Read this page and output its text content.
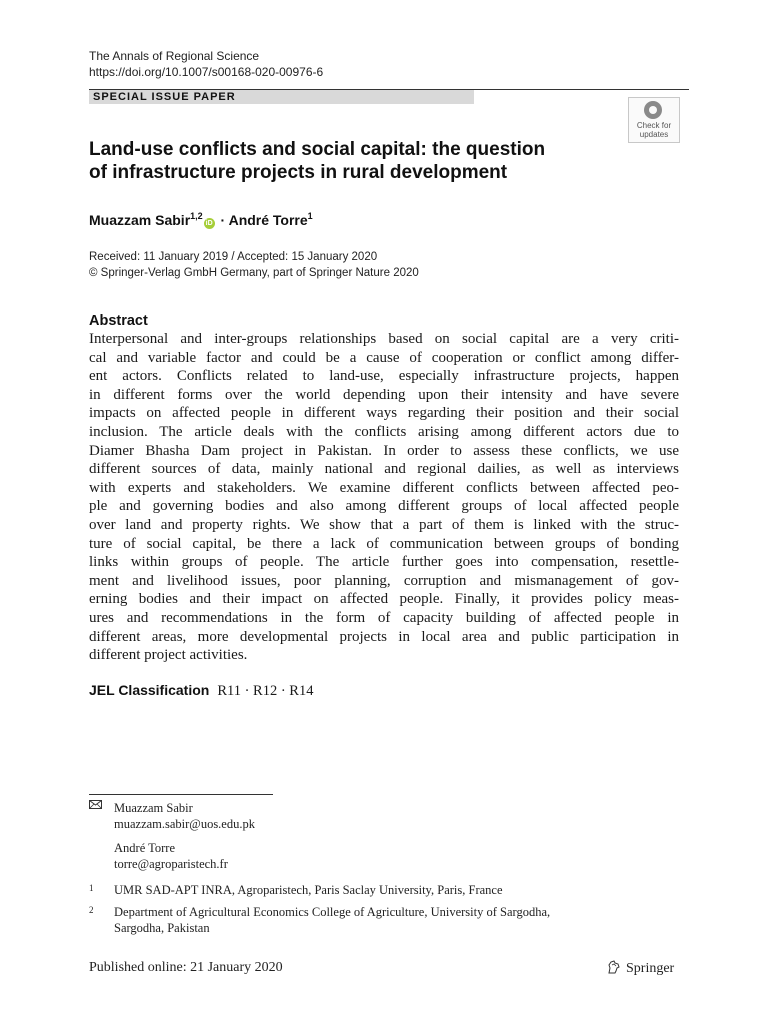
The Annals of Regional Science
https://doi.org/10.1007/s00168-020-00976-6
SPECIAL ISSUE PAPER
Check for
updates
Land-use conflicts and social capital: the question
of infrastructure projects in rural development
Muazzam Sabir$^{1,2}$iD · André Torre$^1$
Received: 11 January 2019 / Accepted: 15 January 2020
© Springer-Verlag GmbH Germany, part of Springer Nature 2020
Abstract
Interpersonal and inter-groups relationships based on social capital are a very criti-
cal and variable factor and could be a cause of cooperation or conflict among differ-
ent actors. Conflicts related to land-use, especially infrastructure projects, happen
in different forms over the world depending upon their intensity and have severe
impacts on affected people in different ways regarding their position and their social
inclusion. The article deals with the conflicts arising among different actors due to
Diamer Bhasha Dam project in Pakistan. In order to assess these conflicts, we use
different sources of data, mainly national and regional dailies, as well as interviews
with experts and stakeholders. We examine different conflicts between affected peo-
ple and governing bodies and also among different groups of local affected people
over land and property rights. We show that a part of them is linked with the struc-
ture of social capital, be there a lack of communication between groups of bonding
links within groups of people. The article further goes into compensation, resettle-
ment and livelihood issues, poor planning, corruption and mismanagement of gov-
erning bodies and their impact on affected people. Finally, it provides policy meas-
ures and recommendations in the form of capacity building of affected people in
different areas, more developmental projects in local area and public participation in
different project activities.
JEL Classification R11 · R12 · R14
Muazzam Sabir
muazzam.sabir@uos.edu.pk
André Torre
torre@agroparistech.fr
1 UMR SAD-APT INRA, Agroparistech, Paris Saclay University, Paris, France
2 Department of Agricultural Economics College of Agriculture, University of Sargodha,
Sargodha, Pakistan
Published online: 21 January 2020	Springer
